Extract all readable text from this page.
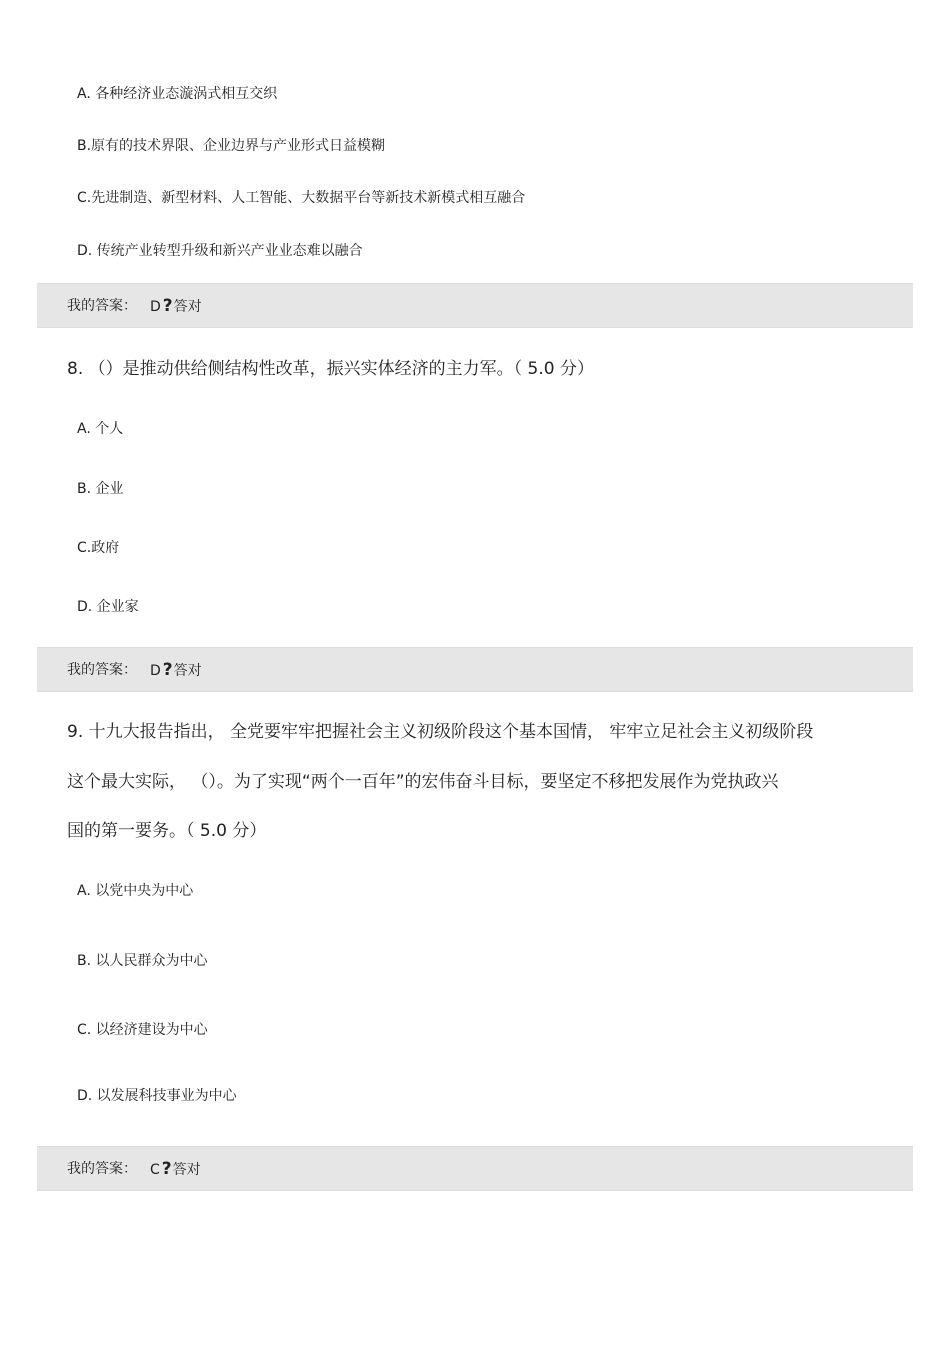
A. 各种经济业态漩涡式相互交织
B.原有的技术界限、企业边界与产业形式日益模糊
C.先进制造、新型材料、人工智能、大数据平台等新技术新模式相互融合
D. 传统产业转型升级和新兴产业业态难以融合
我的答案： D ?答对
8. （）是推动供给侧结构性改革，振兴实体经济的主力军。（ 5.0 分）
A. 个人
B. 企业
C.政府
D. 企业家
我的答案： D ?答对
9. 十九大报告指出， 全党要牢牢把握社会主义初级阶段这个基本国情， 牢牢立足社会主义初级阶段
这个最大实际， （）。为了实现“两个一百年”的宏伟奋斗目标，要坚定不移把发展作为党执政兴
国的第一要务。（ 5.0 分）
A. 以党中央为中心
B. 以人民群众为中心
C. 以经济建设为中心
D. 以发展科技事业为中心
我的答案： C ?答对
